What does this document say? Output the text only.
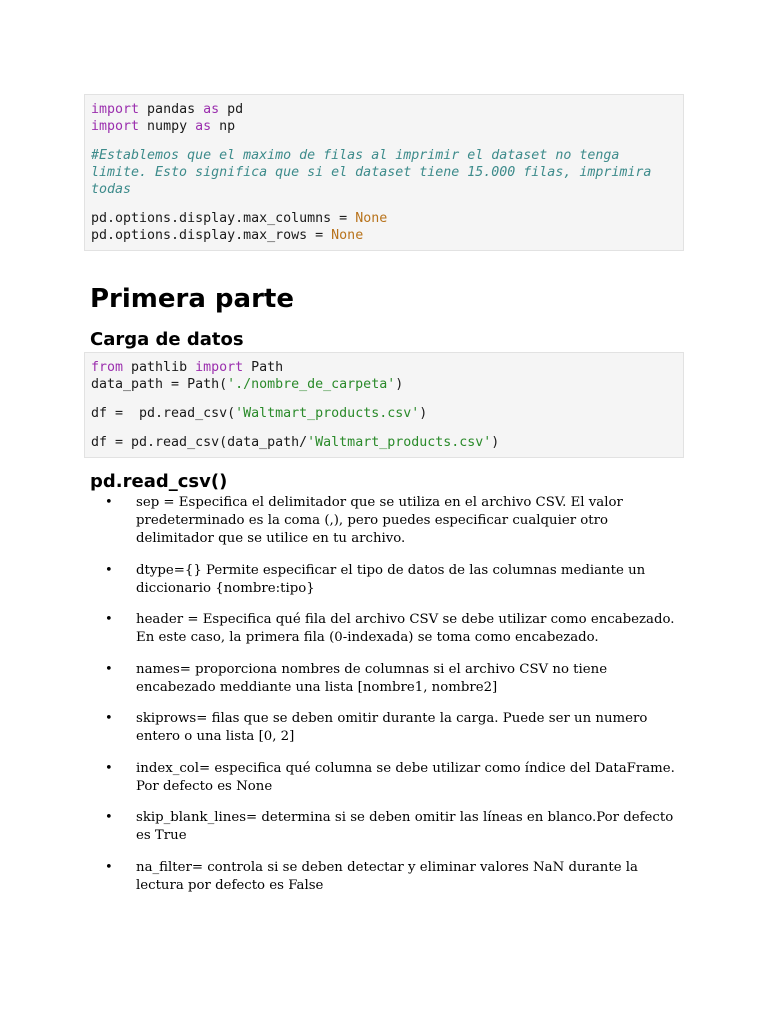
import pandas as pd
import numpy as np
#Establemos que el maximo de filas al imprimir el dataset no tenga
limite. Esto significa que si el dataset tiene 15.000 filas, imprimira
todas
pd.options.display.max_columns = None
pd.options.display.max_rows = None
Primera parte
Carga de datos
from pathlib import Path
data_path = Path('./nombre_de_carpeta')
df =  pd.read_csv('Waltmart_products.csv')
df = pd.read_csv(data_path/'Waltmart_products.csv')
pd.read_csv()
• sep = Especifica el delimitador que se utiliza en el archivo CSV. El valor predeterminado es la coma (,), pero puedes especificar cualquier otro delimitador que se utilice en tu archivo.
• dtype={} Permite especificar el tipo de datos de las columnas mediante un diccionario {nombre:tipo}
• header = Especifica qué fila del archivo CSV se debe utilizar como encabezado. En este caso, la primera fila (0-indexada) se toma como encabezado.
• names= proporciona nombres de columnas si el archivo CSV no tiene encabezado meddiante una lista [nombre1, nombre2]
• skiprows= filas que se deben omitir durante la carga. Puede ser un numero entero o una lista [0, 2]
• index_col= especifica qué columna se debe utilizar como índice del DataFrame. Por defecto es None
• skip_blank_lines= determina si se deben omitir las líneas en blanco.Por defecto es True
• na_filter= controla si se deben detectar y eliminar valores NaN durante la lectura por defecto es False
